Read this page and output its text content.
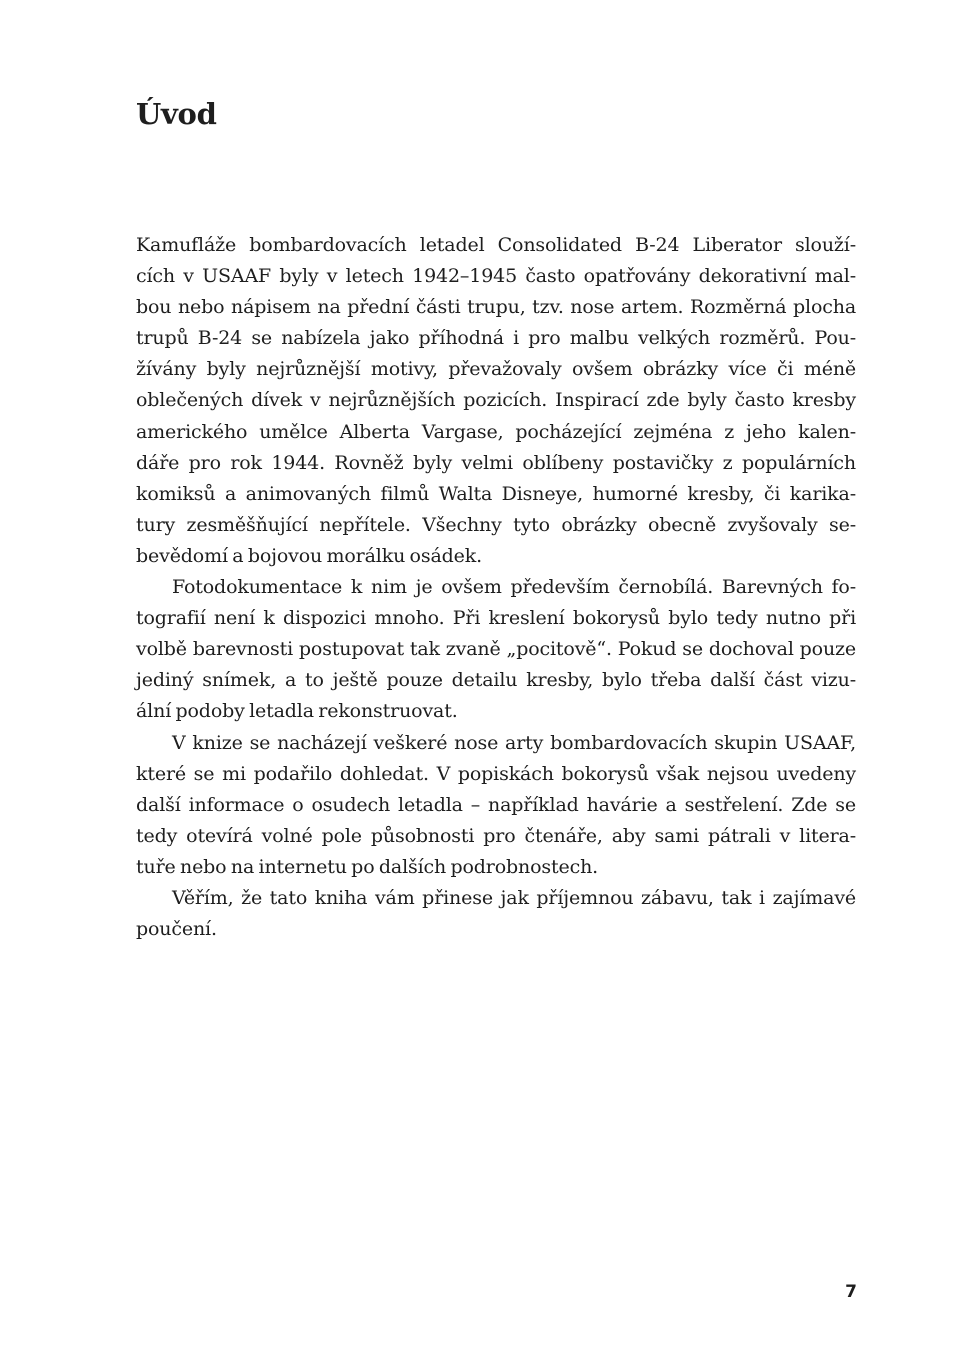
Úvod

Kamufláže bombardovacích letadel Consolidated B-24 Liberator slouží-
cích v USAAF byly v letech 1942–1945 často opatřovány dekorativní mal-
bou nebo nápisem na přední části trupu, tzv. nose artem. Rozměrná plocha
trupů B-24 se nabízela jako příhodná i pro malbu velkých rozměrů. Pou-
žívány byly nejrůznější motivy, převažovaly ovšem obrázky více či méně
oblečených dívek v nejrůznějších pozicích. Inspirací zde byly často kresby
amerického umělce Alberta Vargase, pocházející zejména z jeho kalen-
dáře pro rok 1944. Rovněž byly velmi oblíbeny postavičky z populárních
komiksů a animovaných filmů Walta Disneye, humorné kresby, či karika-
tury zesměšňující nepřítele. Všechny tyto obrázky obecně zvyšovaly se-
bevědomí a bojovou morálku osádek.

Fotodokumentace k nim je ovšem především černobílá. Barevných fo-
tografií není k dispozici mnoho. Při kreslení bokorysů bylo tedy nutno při
volbě barevnosti postupovat tak zvaně „pocitově“. Pokud se dochoval pouze
jediný snímek, a to ještě pouze detailu kresby, bylo třeba další část vizu-
ální podoby letadla rekonstruovat.

V knize se nacházejí veškeré nose arty bombardovacích skupin USAAF,
které se mi podařilo dohledat. V popiskách bokorysů však nejsou uvedeny
další informace o osudech letadla – například havárie a sestřelení. Zde se
tedy otevírá volné pole působnosti pro čtenáře, aby sami pátrali v litera-
tuře nebo na internetu po dalších podrobnostech.

Věřím, že tato kniha vám přinese jak příjemnou zábavu, tak i zajímavé
poučení.

7
